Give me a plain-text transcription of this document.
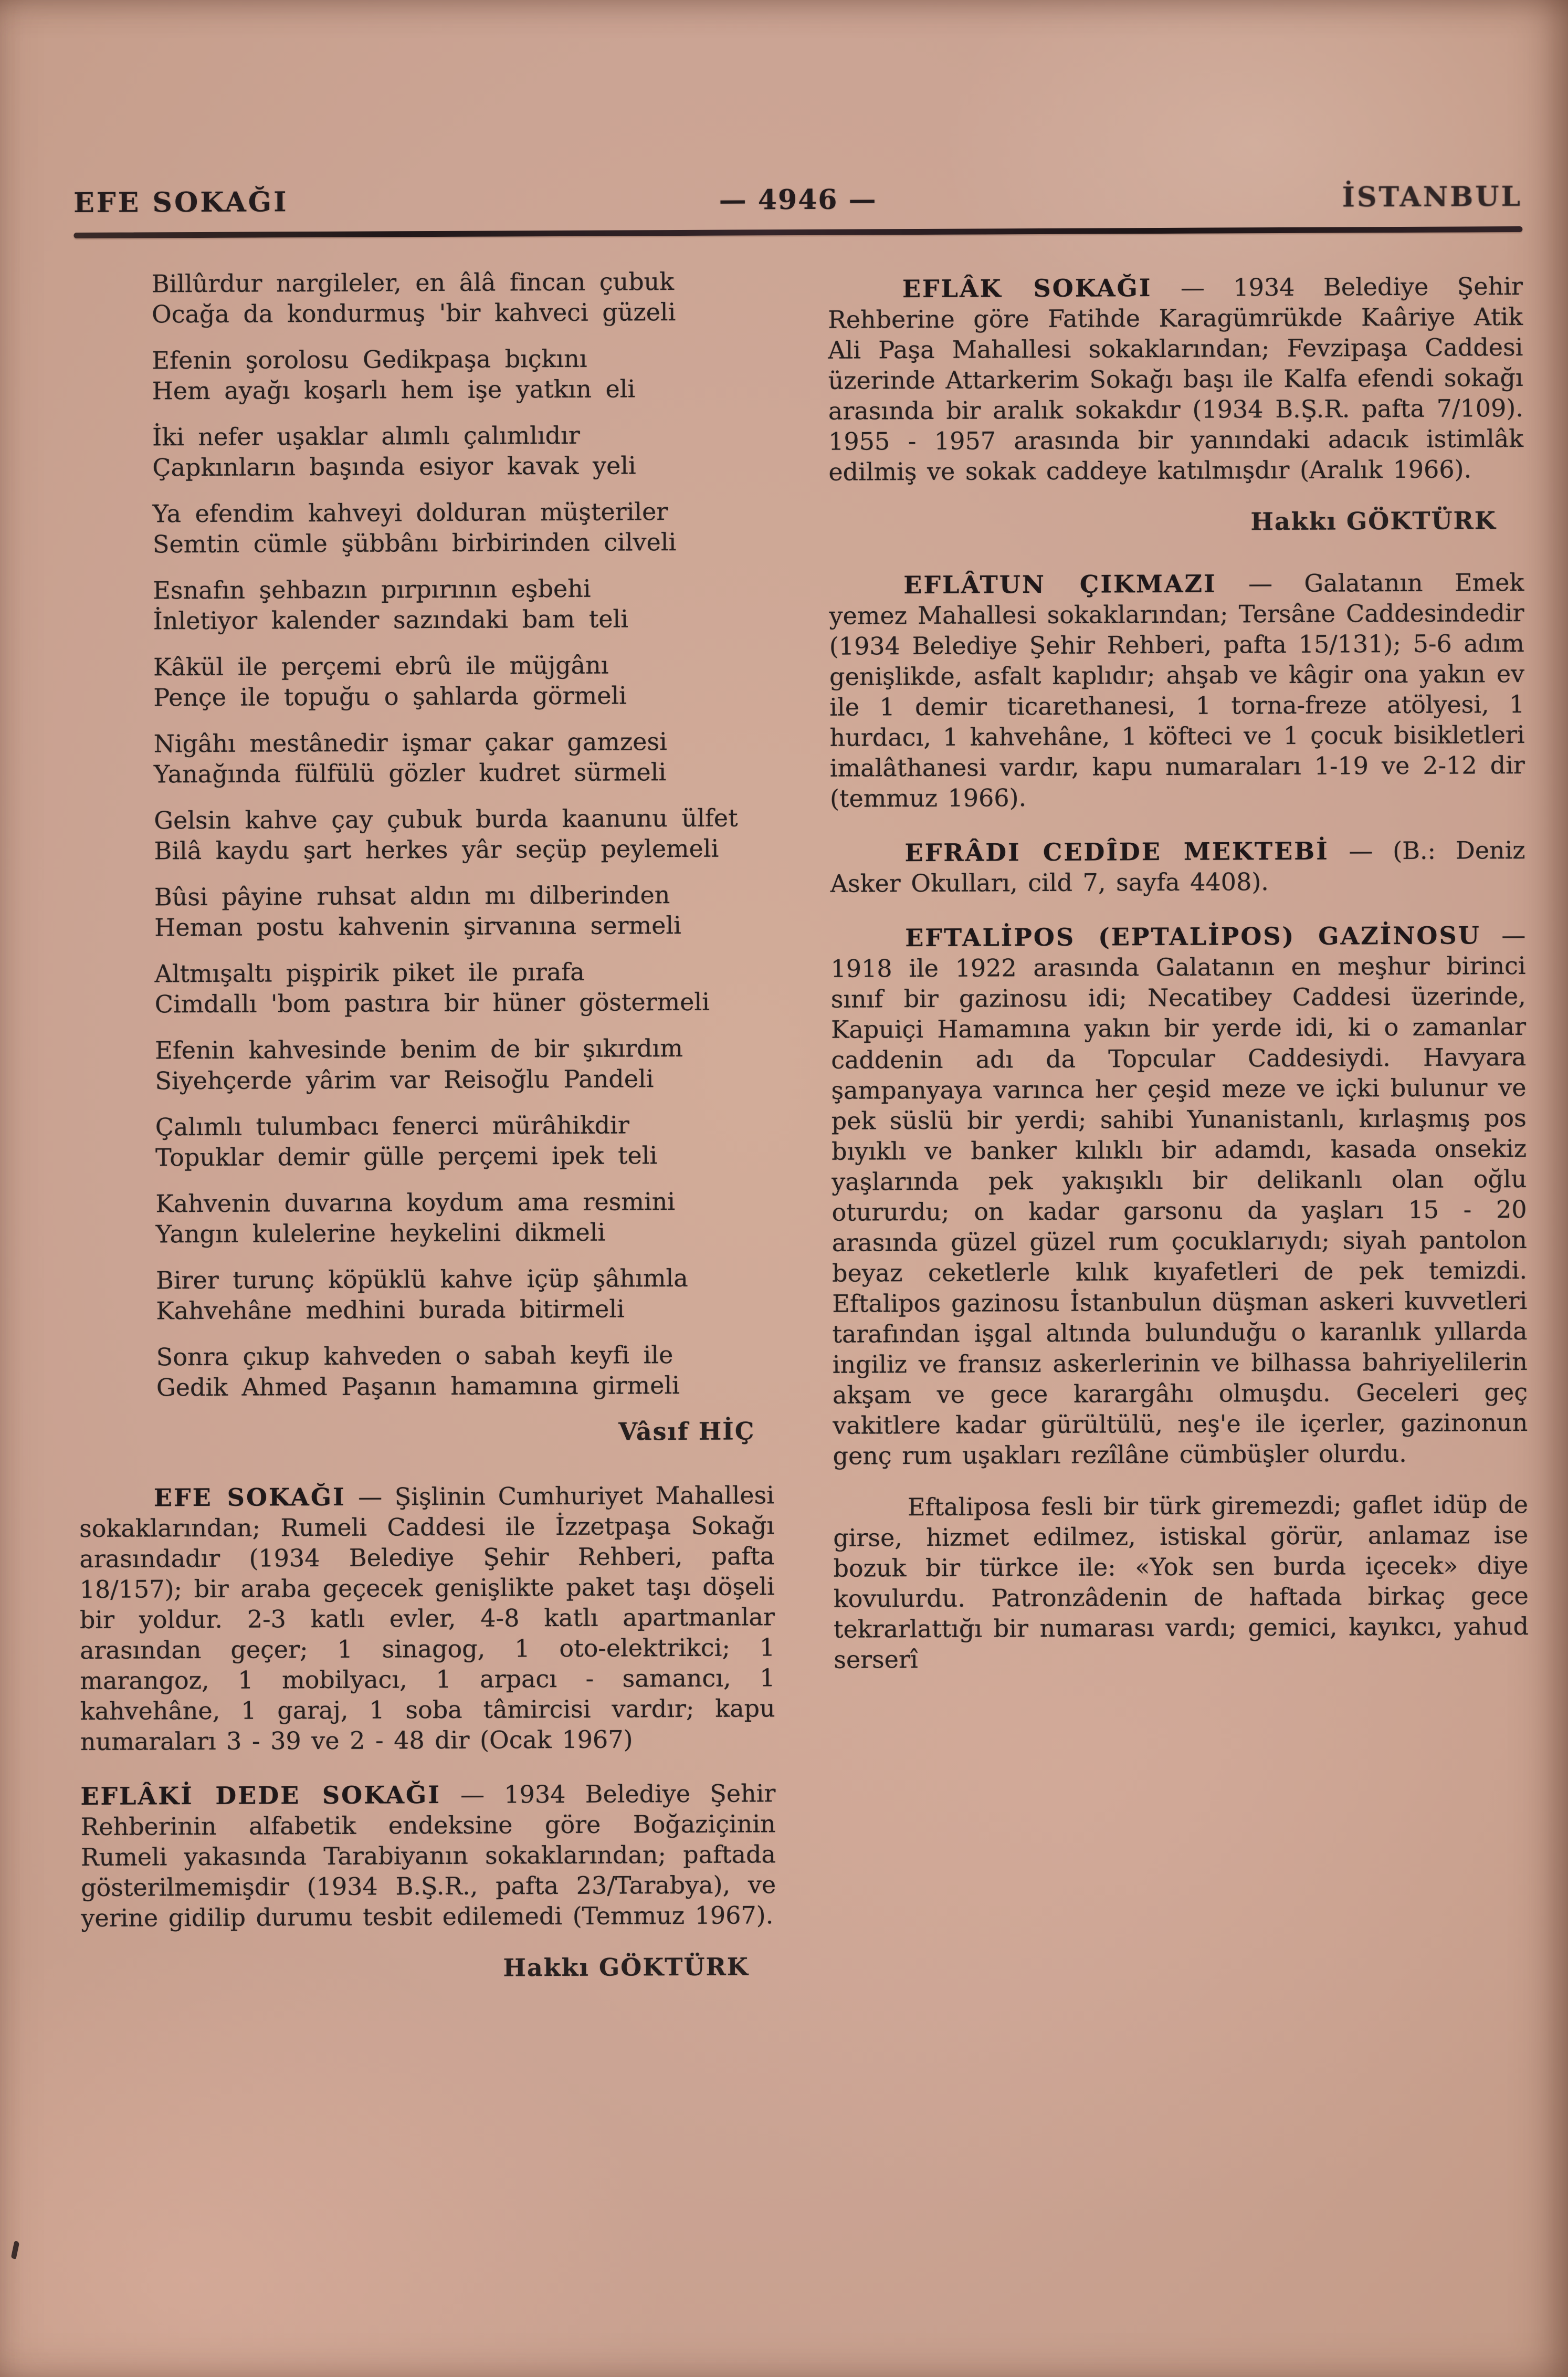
EFE SOKAĞI	— 4946 —	İSTANBUL
Billûrdur nargileler, en âlâ fincan çubuk
Ocağa da kondurmuş 'bir kahveci güzeli
Efenin şorolosu Gedikpaşa bıçkını
Hem ayağı koşarlı hem işe yatkın eli
İki nefer uşaklar alımlı çalımlıdır
Çapkınların başında esiyor kavak yeli
Ya efendim kahveyi dolduran müşteriler
Semtin cümle şübbânı birbirinden cilveli
Esnafın şehbazın pırpırının eşbehi
İnletiyor kalender sazındaki bam teli
Kâkül ile perçemi ebrû ile müjgânı
Pençe ile topuğu o şahlarda görmeli
Nigâhı mestânedir işmar çakar gamzesi
Yanağında fülfülü gözler kudret sürmeli
Gelsin kahve çay çubuk burda kaanunu ülfet
Bilâ kaydu şart herkes yâr seçüp peylemeli
Bûsi pâyine ruhsat aldın mı dilberinden
Heman postu kahvenin şirvanına sermeli
Altmışaltı pişpirik piket ile pırafa
Cimdallı 'bom pastıra bir hüner göstermeli
Efenin kahvesinde benim de bir şıkırdım
Siyehçerde yârim var Reisoğlu Pandeli
Çalımlı tulumbacı fenerci mürâhikdir
Topuklar demir gülle perçemi ipek teli
Kahvenin duvarına koydum ama resmini
Yangın kulelerine heykelini dikmeli
Birer turunç köpüklü kahve içüp şâhımla
Kahvehâne medhini burada bitirmeli
Sonra çıkup kahveden o sabah keyfi ile
Gedik Ahmed Paşanın hamamına girmeli
Vâsıf HİÇ

EFE SOKAĞI — Şişlinin Cumhuriyet Mahallesi sokaklarından; Rumeli Caddesi ile İzzetpaşa Sokağı arasındadır (1934 Belediye Şehir Rehberi, pafta 18/157); bir araba geçecek genişlikte paket taşı döşeli bir yoldur. 2-3 katlı evler, 4-8 katlı apartmanlar arasından geçer; 1 sinagog, 1 oto-elektrikci; 1 marangoz, 1 mobilyacı, 1 arpacı - samancı, 1 kahvehâne, 1 garaj, 1 soba tâmircisi vardır; kapu numaraları 3 - 39 ve 2 - 48 dir (Ocak 1967)

EFLÂKİ DEDE SOKAĞI — 1934 Belediye Şehir Rehberinin alfabetik endeksine göre Boğaziçinin Rumeli yakasında Tarabiyanın sokaklarından; paftada gösterilmemişdir (1934 B.Ş.R., pafta 23/Tarabya), ve yerine gidilip durumu tesbit edilemedi (Temmuz 1967).

Hakkı GÖKTÜRK

EFLÂK SOKAĞI — 1934 Belediye Şehir Rehberine göre Fatihde Karagümrükde Kaâriye Atik Ali Paşa Mahallesi sokaklarından; Fevzipaşa Caddesi üzerinde Attarkerim Sokağı başı ile Kalfa efendi sokağı arasında bir aralık sokakdır (1934 B.Ş.R. pafta 7/109). 1955 - 1957 arasında bir yanındaki adacık istimlâk edilmiş ve sokak caddeye katılmışdır (Aralık 1966).

Hakkı GÖKTÜRK

EFLÂTUN ÇIKMAZI — Galatanın Emek yemez Mahallesi sokaklarından; Tersâne Caddesindedir (1934 Belediye Şehir Rehberi, pafta 15/131); 5-6 adım genişlikde, asfalt kaplıdır; ahşab ve kâgir ona yakın ev ile 1 demir ticarethanesi, 1 torna-freze atölyesi, 1 hurdacı, 1 kahvehâne, 1 köfteci ve 1 çocuk bisikletleri imalâthanesi vardır, kapu numaraları 1-19 ve 2-12 dir (temmuz 1966).

EFRÂDI CEDÎDE MEKTEBİ — (B.: Deniz Asker Okulları, cild 7, sayfa 4408).

EFTALİPOS (EPTALİPOS) GAZİNOSU — 1918 ile 1922 arasında Galatanın en meşhur birinci sınıf bir gazinosu idi; Necatibey Caddesi üzerinde, Kapuiçi Hamamına yakın bir yerde idi, ki o zamanlar caddenin adı da Topcular Caddesiydi. Havyara şampanyaya varınca her çeşid meze ve içki bulunur ve pek süslü bir yerdi; sahibi Yunanistanlı, kırlaşmış pos bıyıklı ve banker kılıklı bir adamdı, kasada onsekiz yaşlarında pek yakışıklı bir delikanlı olan oğlu otururdu; on kadar garsonu da yaşları 15 - 20 arasında güzel güzel rum çocuklarıydı; siyah pantolon beyaz ceketlerle kılık kıyafetleri de pek temizdi. Eftalipos gazinosu İstanbulun düşman askeri kuvvetleri tarafından işgal altında bulunduğu o karanlık yıllarda ingiliz ve fransız askerlerinin ve bilhassa bahriyelilerin akşam ve gece karargâhı olmuşdu. Geceleri geç vakitlere kadar gürültülü, neş'e ile içerler, gazinonun genç rum uşakları rezîlâne cümbüşler olurdu.

Eftaliposa fesli bir türk giremezdi; gaflet idüp de girse, hizmet edilmez, istiskal görür, anlamaz ise bozuk bir türkce ile: «Yok sen burda içecek» diye kovulurdu. Patronzâdenin de haftada birkaç gece tekrarlattığı bir numarası vardı; gemici, kayıkcı, yahud serserî
